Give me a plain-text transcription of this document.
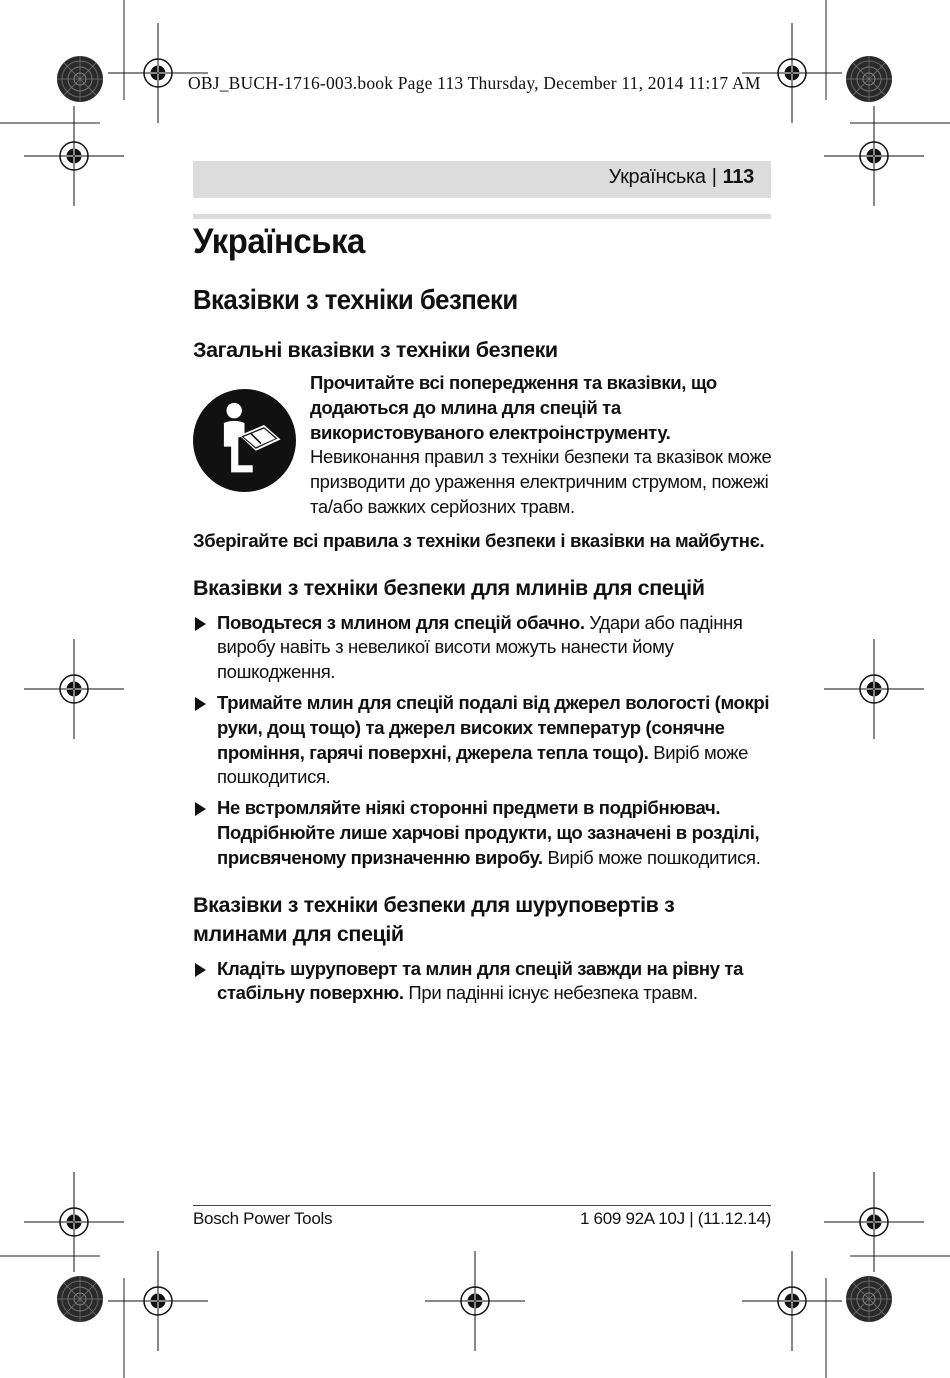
OBJ_BUCH-1716-003.book Page 113 Thursday, December 11, 2014 11:17 AM
Українська | 113
Українська
Вказівки з техніки безпеки
Загальні вказівки з техніки безпеки

Прочитайте всі попередження та вказівки, що додаються до млина для спецій та використовуваного електроінструменту. Невиконання правил з техніки безпеки та вказівок може призводити до ураження електричним струмом, пожежі та/або важких серйозних травм.

Зберігайте всі правила з техніки безпеки і вказівки на майбутнє.

Вказівки з техніки безпеки для млинів для спецій
Поводьтеся з млином для спецій обачно. Удари або падіння виробу навіть з невеликої висоти можуть нанести йому пошкодження.
Тримайте млин для спецій подалі від джерел вологості (мокрі руки, дощ тощо) та джерел високих температур (сонячне проміння, гарячі поверхні, джерела тепла тощо). Виріб може пошкодитися.
Не встромляйте ніякі сторонні предмети в подрібнювач. Подрібнюйте лише харчові продукти, що зазначені в розділі, присвяченому призначенню виробу. Виріб може пошкодитися.
Вказівки з техніки безпеки для шуруповертів з млинами для спецій
Кладіть шуруповерт та млин для спецій завжди на рівну та стабільну поверхню. При падінні існує небезпека травм.
Bosch Power Tools	1 609 92A 10J | (11.12.14)
